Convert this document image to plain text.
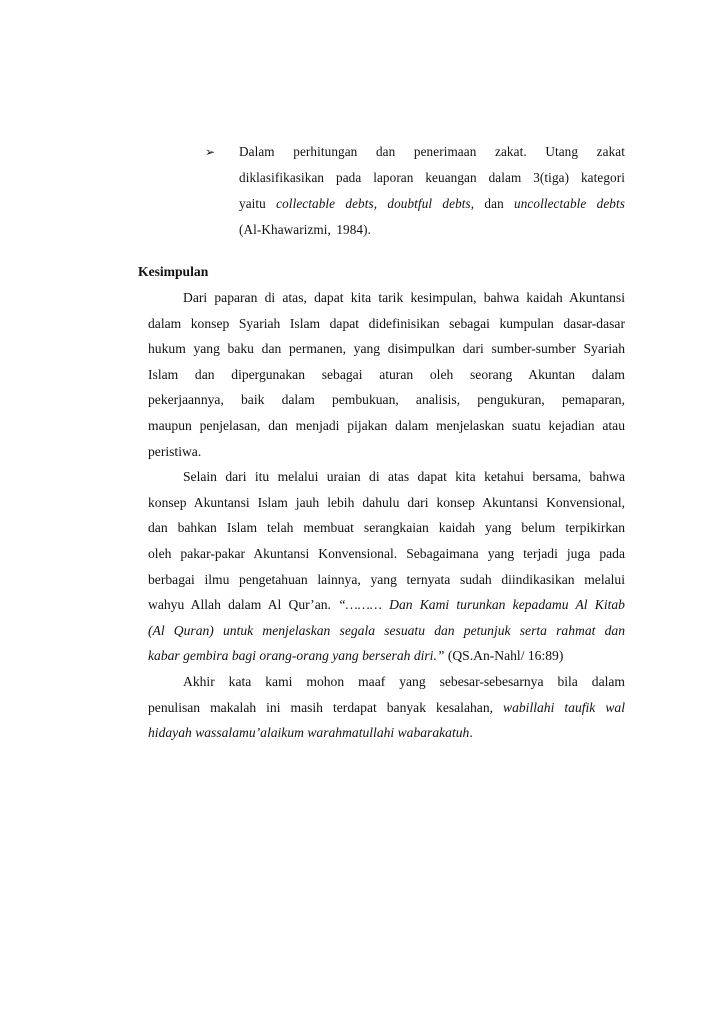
➢ Dalam perhitungan dan penerimaan zakat. Utang zakat
diklasifikasikan pada laporan keuangan dalam 3(tiga) kategori
yaitu collectable debts, doubtful debts, dan uncollectable debts
(Al-Khawarizmi, 1984).
Kesimpulan
Dari paparan di atas, dapat kita tarik kesimpulan, bahwa kaidah Akuntansi
dalam konsep Syariah Islam dapat didefinisikan sebagai kumpulan dasar-dasar
hukum yang baku dan permanen, yang disimpulkan dari sumber-sumber Syariah
Islam dan dipergunakan sebagai aturan oleh seorang Akuntan dalam
pekerjaannya, baik dalam pembukuan, analisis, pengukuran, pemaparan,
maupun penjelasan, dan menjadi pijakan dalam menjelaskan suatu kejadian atau
peristiwa.
Selain dari itu melalui uraian di atas dapat kita ketahui bersama, bahwa
konsep Akuntansi Islam jauh lebih dahulu dari konsep Akuntansi Konvensional,
dan bahkan Islam telah membuat serangkaian kaidah yang belum terpikirkan
oleh pakar-pakar Akuntansi Konvensional. Sebagaimana yang terjadi juga pada
berbagai ilmu pengetahuan lainnya, yang ternyata sudah diindikasikan melalui
wahyu Allah dalam Al Qur’an. “……… Dan Kami turunkan kepadamu Al Kitab
(Al Quran) untuk menjelaskan segala sesuatu dan petunjuk serta rahmat dan
kabar gembira bagi orang-orang yang berserah diri.” (QS.An-Nahl/ 16:89)
Akhir kata kami mohon maaf yang sebesar-sebesarnya bila dalam
penulisan makalah ini masih terdapat banyak kesalahan, wabillahi taufik wal
hidayah wassalamu’alaikum warahmatullahi wabarakatuh.
